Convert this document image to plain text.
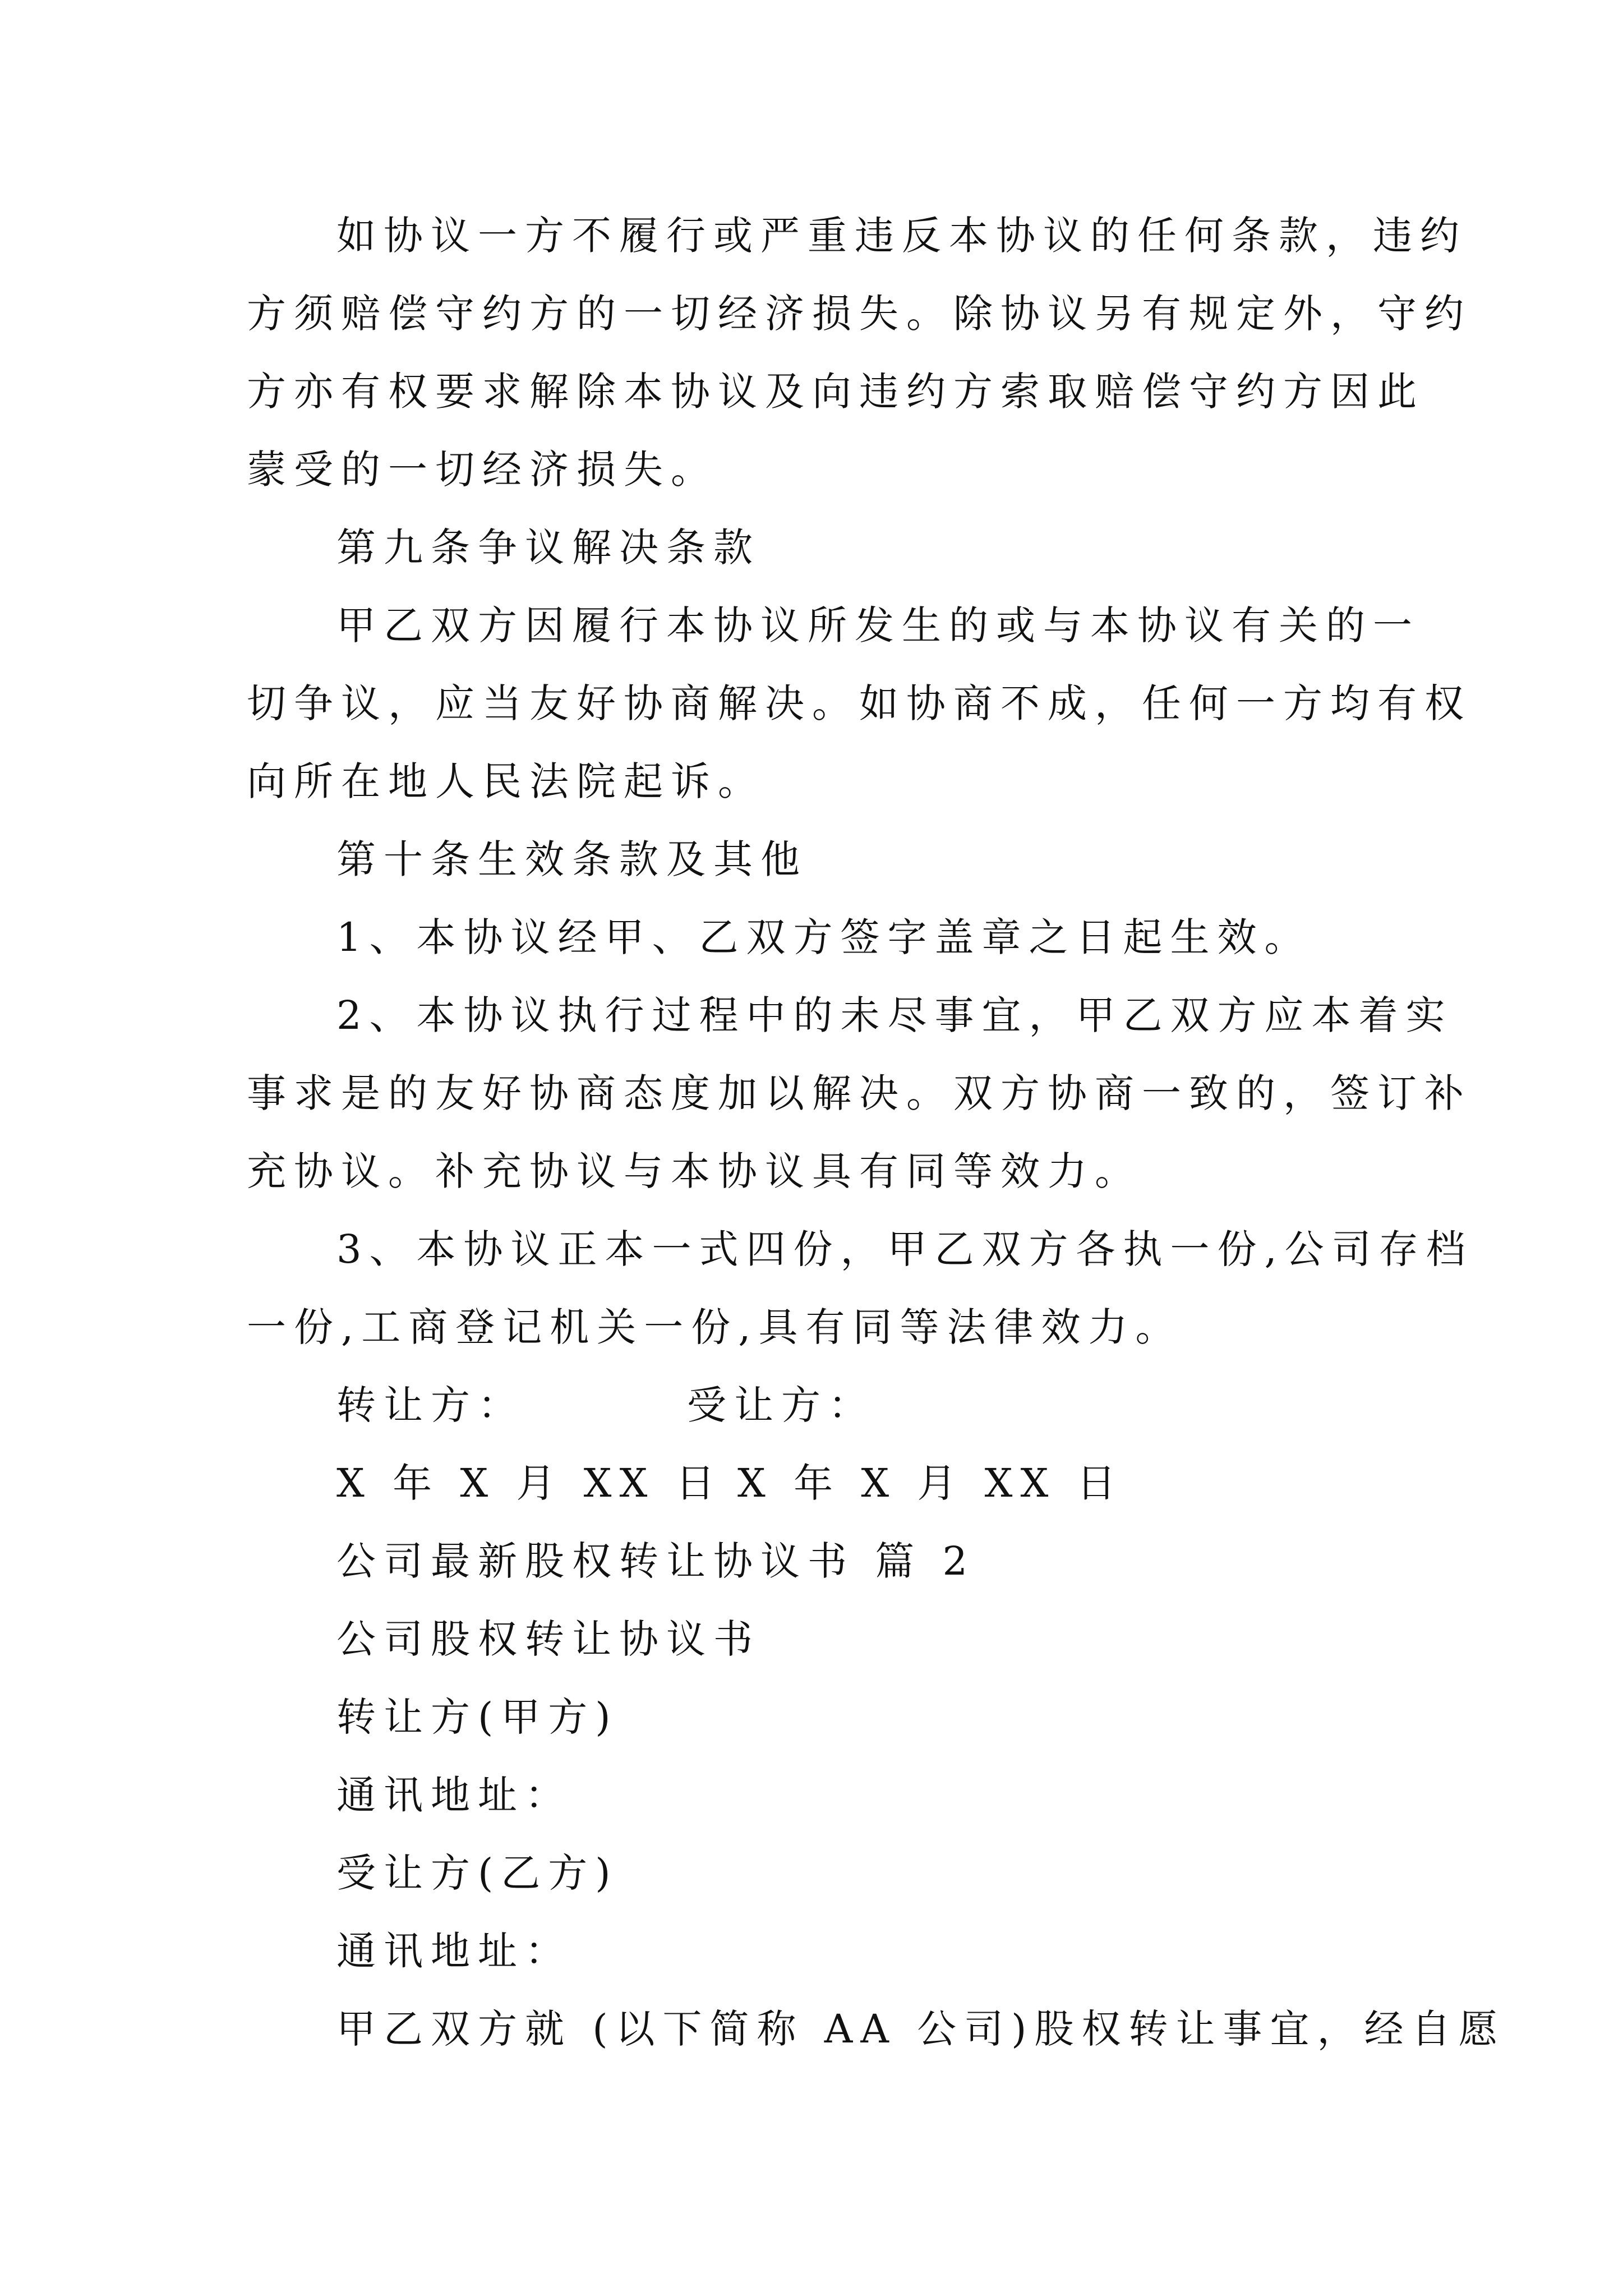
如协议一方不履行或严重违反本协议的任何条款，违约
方须赔偿守约方的一切经济损失。除协议另有规定外，守约
方亦有权要求解除本协议及向违约方索取赔偿守约方因此
蒙受的一切经济损失。
第九条争议解决条款
甲乙双方因履行本协议所发生的或与本协议有关的一
切争议，应当友好协商解决。如协商不成，任何一方均有权
向所在地人民法院起诉。
第十条生效条款及其他
1、本协议经甲、乙双方签字盖章之日起生效。
2、本协议执行过程中的未尽事宜，甲乙双方应本着实
事求是的友好协商态度加以解决。双方协商一致的，签订补
充协议。补充协议与本协议具有同等效力。
3、本协议正本一式四份，甲乙双方各执一份,公司存档
一份,工商登记机关一份,具有同等法律效力。
转让方：	受让方：
X 年 X 月 XX 日 X 年 X 月 XX 日
公司最新股权转让协议书 篇 2
公司股权转让协议书
转让方(甲方)
通讯地址：
受让方(乙方)
通讯地址：
甲乙双方就 (以下简称 AA 公司)股权转让事宜，经自愿
